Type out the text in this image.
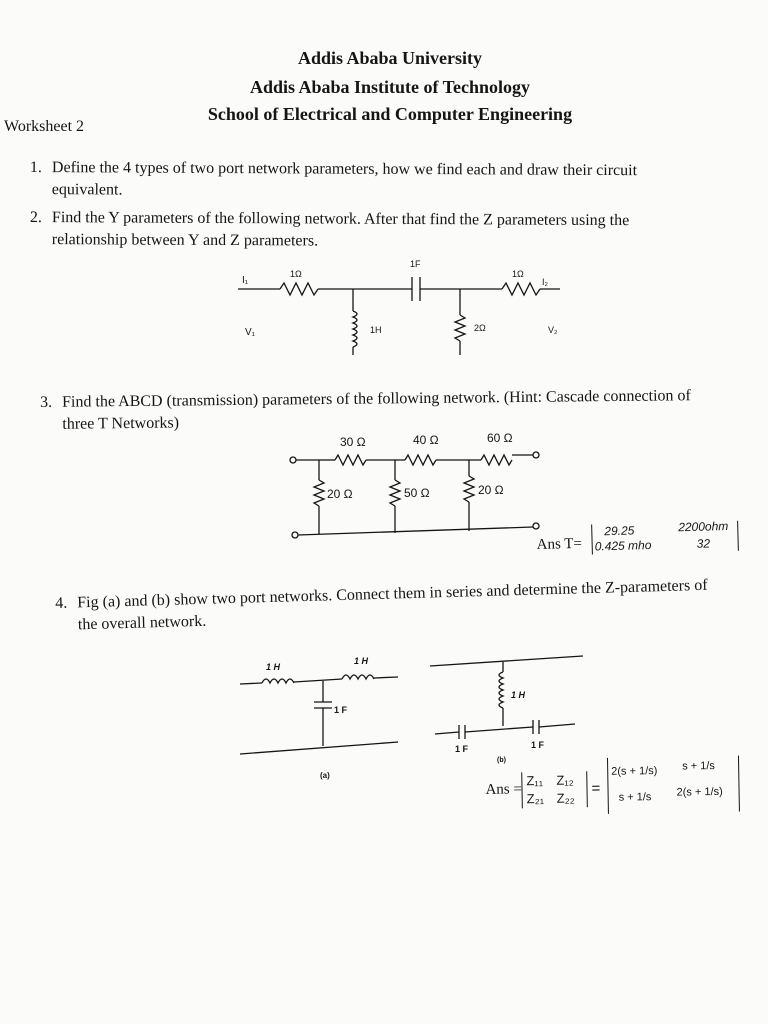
Addis Ababa University
Addis Ababa Institute of Technology
School of Electrical and Computer Engineering
Worksheet 2
1. Define the 4 types of two port network parameters, how we find each and draw their circuit
equivalent.
2. Find the Y parameters of the following network. After that find the Z parameters using the
relationship between Y and Z parameters.
I₁
1Ω
1F
1Ω
I₂
V₁	1H	2Ω	V₂
3. Find the ABCD (transmission) parameters of the following network. (Hint: Cascade connection of
three T Networks)
30 Ω	40 Ω	60 Ω
20 Ω	50 Ω	20 Ω
Ans T=
29.25	2200ohm
0.425 mho	32
4. Fig (a) and (b) show two port networks. Connect them in series and determine the Z-parameters of
the overall network.
1 H
1 H
1 F
(a)
1 H
1 F	1 F
(b)
Ans =
Z₁₁ Z₁₂
Z₂₁ Z₂₂
=
2(s + 1/s) s + 1/s
s + 1/s 2(s + 1/s)
